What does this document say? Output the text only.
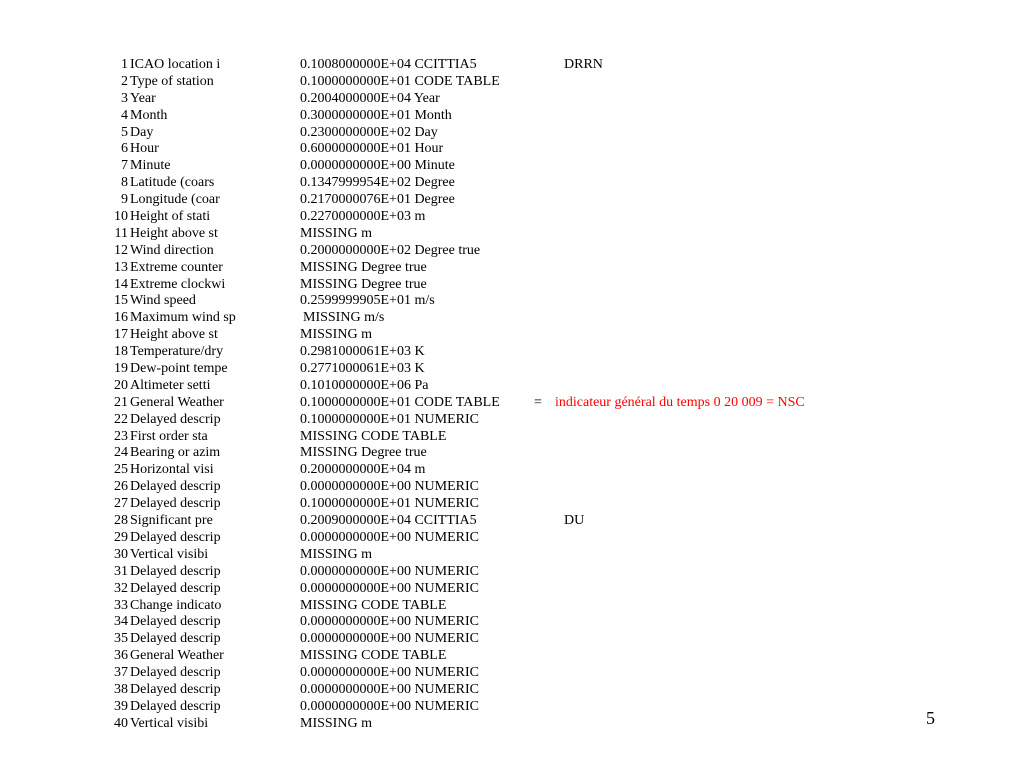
1 ICAO location i	0.1008000000E+04 CCITTIA5	DRRN
2 Type of station	0.1000000000E+01 CODE TABLE
3 Year	0.2004000000E+04 Year
4 Month	0.3000000000E+01 Month
5 Day	0.2300000000E+02 Day
6 Hour	0.6000000000E+01 Hour
7 Minute	0.0000000000E+00 Minute
8 Latitude (coars	0.1347999954E+02 Degree
9 Longitude (coar	0.2170000076E+01 Degree
10 Height of stati	0.2270000000E+03 m
11 Height above st	MISSING m
12 Wind direction	0.2000000000E+02 Degree true
13 Extreme counter	MISSING Degree true
14 Extreme clockwi	MISSING Degree true
15 Wind speed	0.2599999905E+01 m/s
16 Maximum wind sp	MISSING m/s
17 Height above st	MISSING m
18 Temperature/dry	0.2981000061E+03 K
19 Dew-point tempe	0.2771000061E+03 K
20 Altimeter setti	0.1010000000E+06 Pa
21 General Weather	0.1000000000E+01 CODE TABLE = indicateur général du temps 0 20 009 = NSC
22 Delayed descrip	0.1000000000E+01 NUMERIC
23 First order sta	MISSING CODE TABLE
24 Bearing or azim	MISSING Degree true
25 Horizontal visi	0.2000000000E+04 m
26 Delayed descrip	0.0000000000E+00 NUMERIC
27 Delayed descrip	0.1000000000E+01 NUMERIC
28 Significant pre	0.2009000000E+04 CCITTIA5	DU
29 Delayed descrip	0.0000000000E+00 NUMERIC
30 Vertical visibi	MISSING m
31 Delayed descrip	0.0000000000E+00 NUMERIC
32 Delayed descrip	0.0000000000E+00 NUMERIC
33 Change indicato	MISSING CODE TABLE
34 Delayed descrip	0.0000000000E+00 NUMERIC
35 Delayed descrip	0.0000000000E+00 NUMERIC
36 General Weather	MISSING CODE TABLE
37 Delayed descrip	0.0000000000E+00 NUMERIC
38 Delayed descrip	0.0000000000E+00 NUMERIC
39 Delayed descrip	0.0000000000E+00 NUMERIC
40 Vertical visibi	MISSING m	5
